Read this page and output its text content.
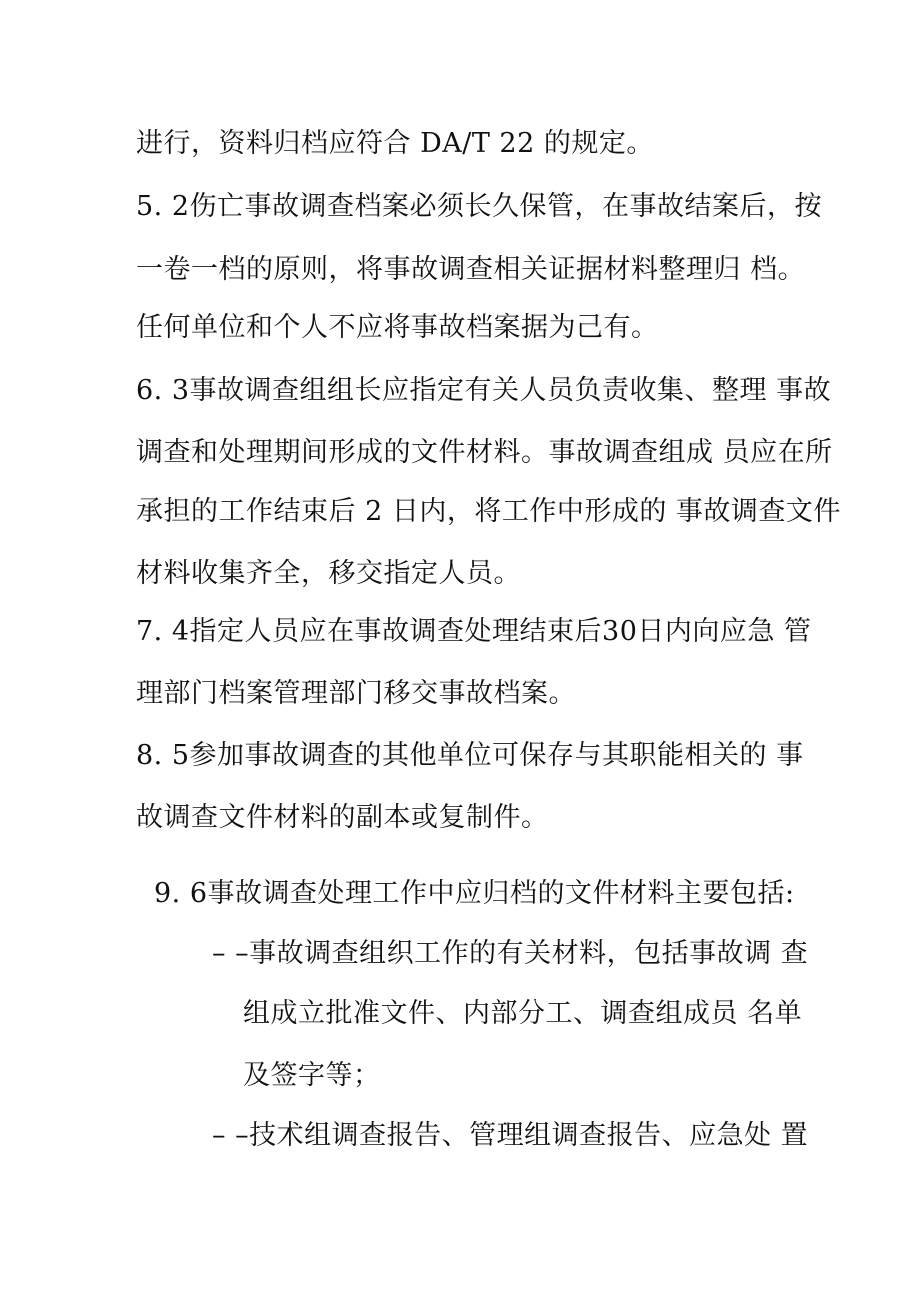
进行，资料归档应符合 DA/T 22 的规定。
5. 2伤亡事故调查档案必须长久保管，在事故结案后，按
一卷一档的原则，将事故调查相关证据材料整理归 档。
任何单位和个人不应将事故档案据为己有。
6. 3事故调查组组长应指定有关人员负责收集、整理 事故
调查和处理期间形成的文件材料。事故调查组成 员应在所
承担的工作结束后 2 日内，将工作中形成的 事故调查文件
材料收集齐全，移交指定人员。
7. 4指定人员应在事故调查处理结束后30日内向应急 管
理部门档案管理部门移交事故档案。
8. 5参加事故调查的其他单位可保存与其职能相关的 事
故调查文件材料的副本或复制件。
9. 6事故调查处理工作中应归档的文件材料主要包括:
– –事故调查组织工作的有关材料，包括事故调 查
组成立批准文件、内部分工、调查组成员 名单
及签字等；
– –技术组调查报告、管理组调查报告、应急处 置
